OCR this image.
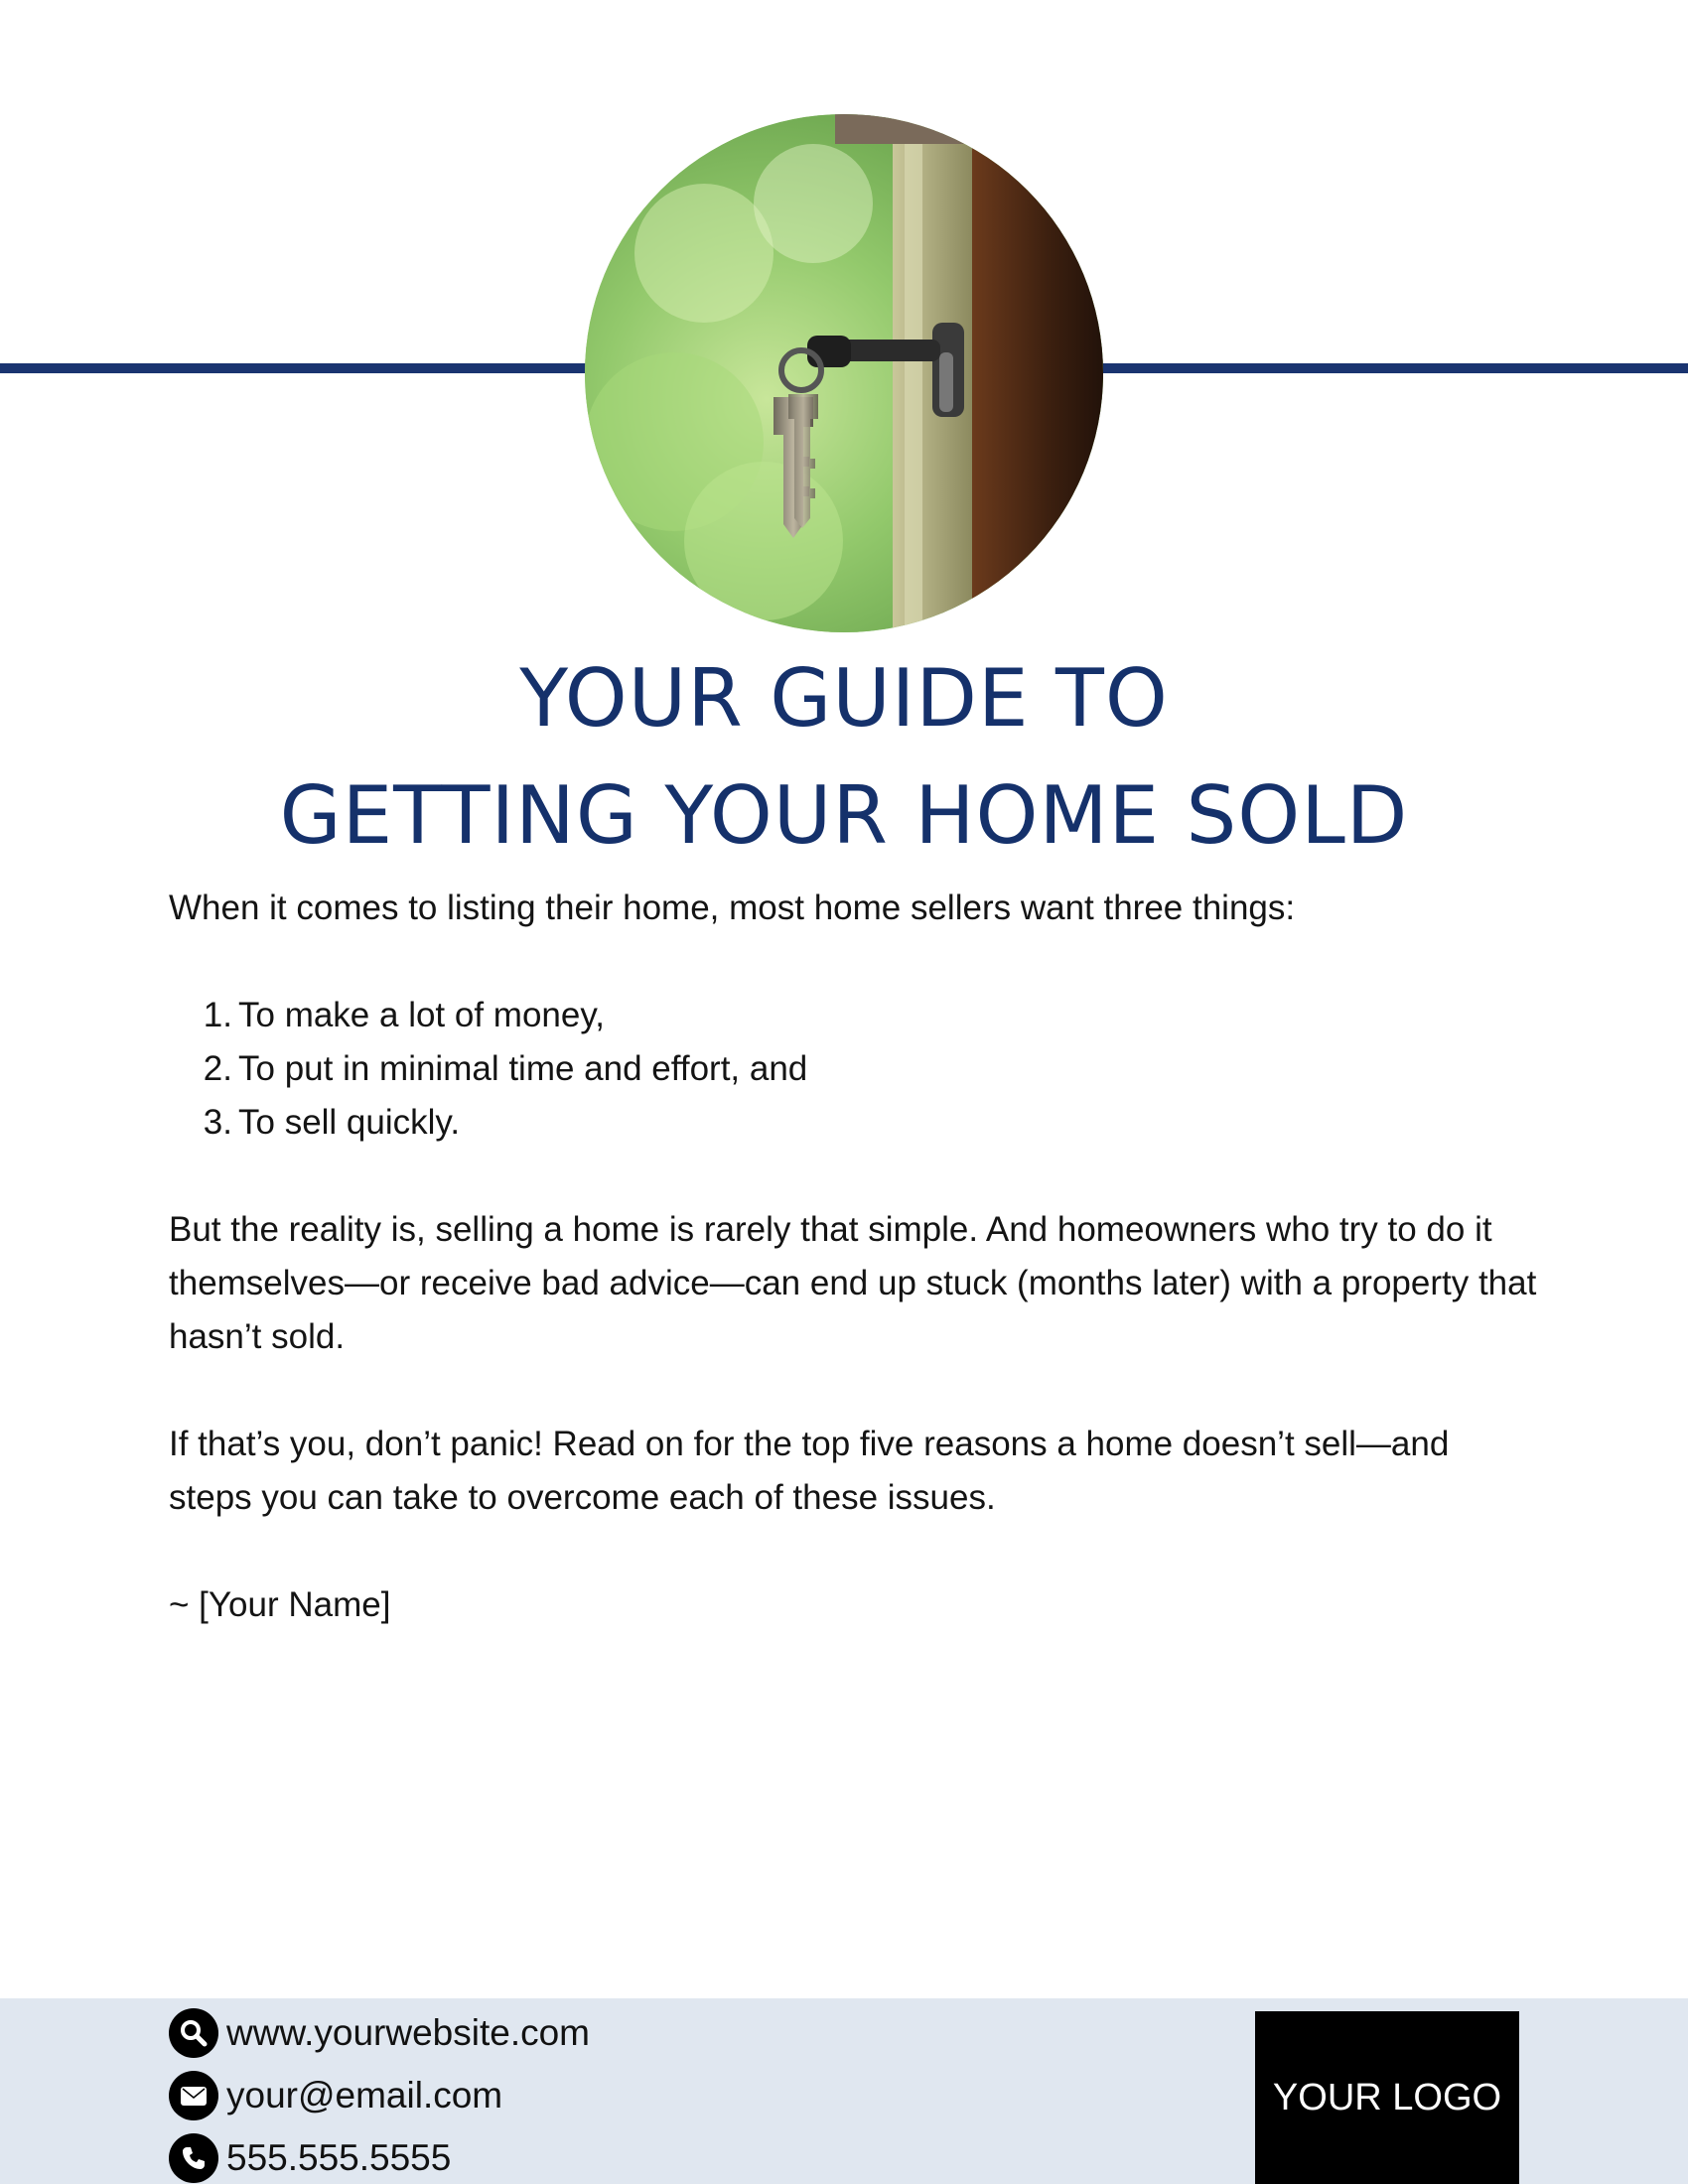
YOUR GUIDE TO
GETTING YOUR HOME SOLD

When it comes to listing their home, most home sellers want three things:

1. To make a lot of money,
2. To put in minimal time and effort, and
3. To sell quickly.

But the reality is, selling a home is rarely that simple. And homeowners who try to do it themselves—or receive bad advice—can end up stuck (months later) with a property that hasn’t sold.

If that’s you, don’t panic! Read on for the top five reasons a home doesn’t sell—and steps you can take to overcome each of these issues.

~ [Your Name]

www.yourwebsite.com
your@email.com
555.555.5555
YOUR LOGO
